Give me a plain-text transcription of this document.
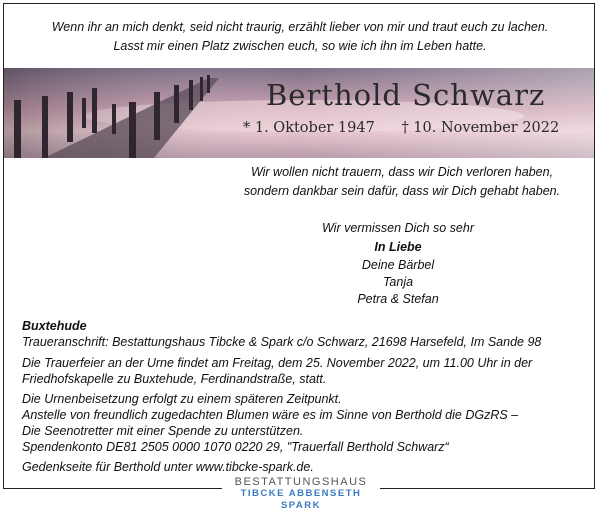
Wenn ihr an mich denkt, seid nicht traurig, erzählt lieber von mir und traut euch zu lachen.
Lasst mir einen Platz zwischen euch, so wie ich ihn im Leben hatte.
Berthold Schwarz
* 1. Oktober 1947 † 10. November 2022
Wir wollen nicht trauern, dass wir Dich verloren haben,
sondern dankbar sein dafür, dass wir Dich gehabt haben.
Wir vermissen Dich so sehr
In Liebe
Deine Bärbel
Tanja
Petra & Stefan
Buxtehude
Traueranschrift: Bestattungshaus Tibcke & Spark c/o Schwarz, 21698 Harsefeld, Im Sande 98
Die Trauerfeier an der Urne findet am Freitag, dem 25. November 2022, um 11.00 Uhr in der
Friedhofskapelle zu Buxtehude, Ferdinandstraße, statt.
Die Urnenbeisetzung erfolgt zu einem späteren Zeitpunkt.
Anstelle von freundlich zugedachten Blumen wäre es im Sinne von Berthold die DGzRS –
Die Seenotretter mit einer Spende zu unterstützen.
Spendenkonto DE81 2505 0000 1070 0220 29, "Trauerfall Berthold Schwarz“
Gedenkseite für Berthold unter www.tibcke-spark.de.
BESTATTUNGSHAUS
TIBCKE ABBENSETH SPARK
